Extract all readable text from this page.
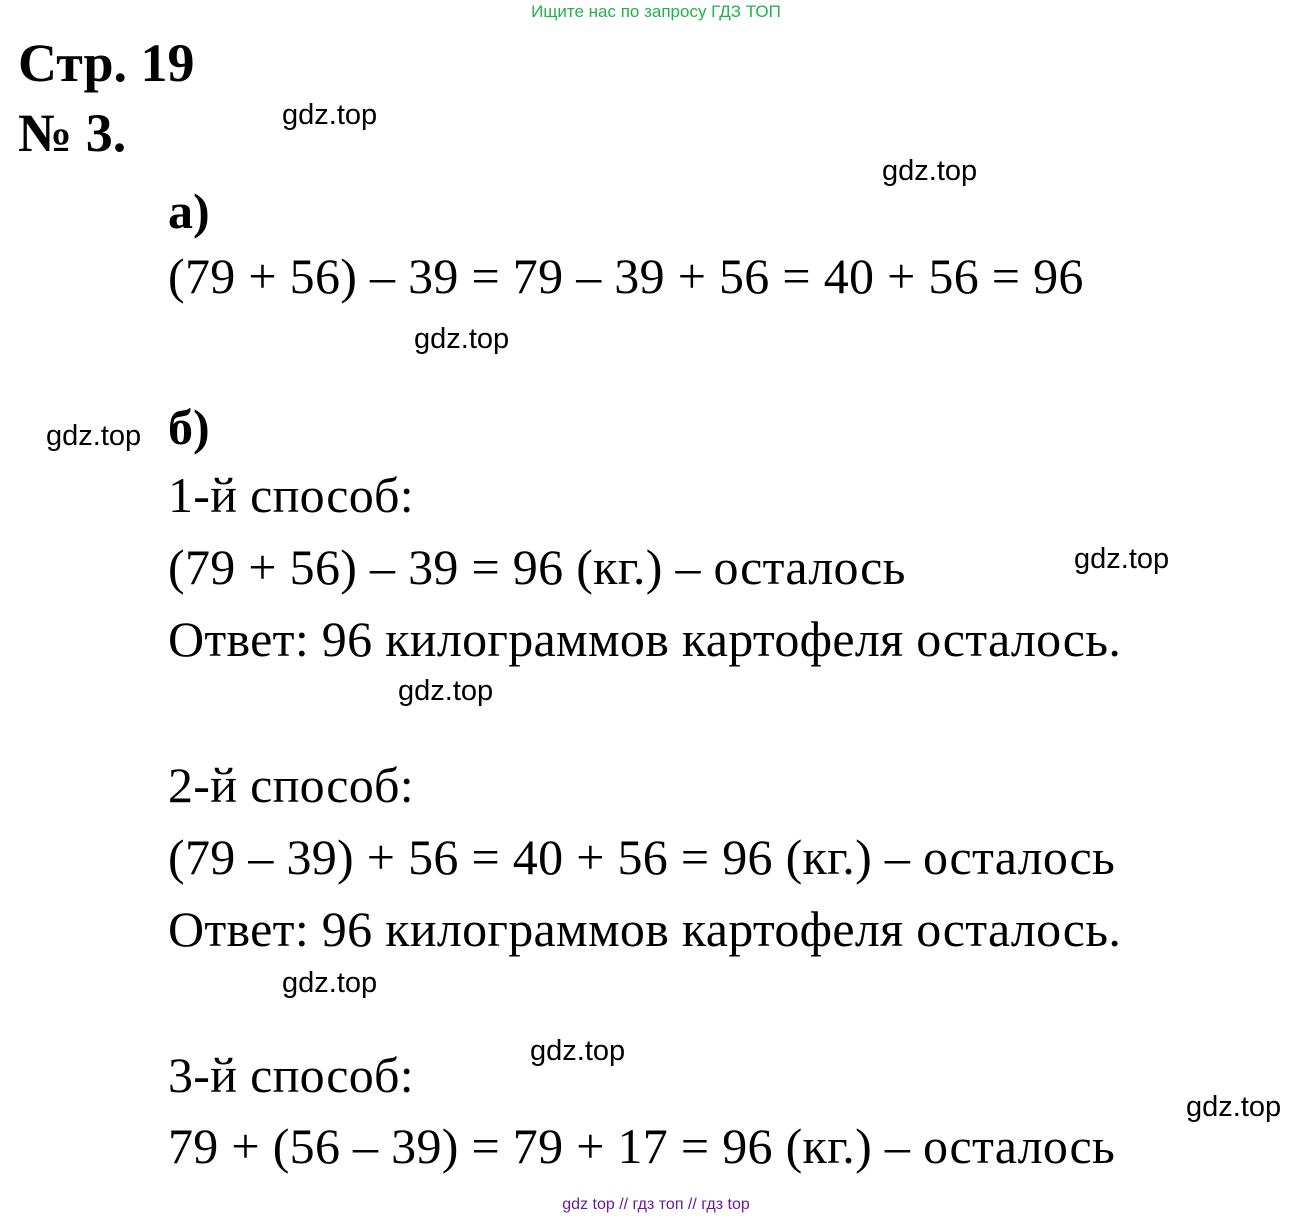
Ищите нас по запросу ГДЗ ТОП
Стр. 19
№ 3.
а)
(79 + 56) – 39 = 79 – 39 + 56 = 40 + 56 = 96
б)
1-й способ:
(79 + 56) – 39 = 96 (кг.) – осталось
Ответ: 96 килограммов картофеля осталось.
2-й способ:
(79 – 39) + 56 = 40 + 56 = 96 (кг.) – осталось
Ответ: 96 килограммов картофеля осталось.
3-й способ:
79 + (56 – 39) = 79 + 17 = 96 (кг.) – осталось
gdz.top
gdz.top
gdz.top
gdz.top
gdz.top
gdz.top
gdz.top
gdz.top
gdz.top
gdz top // гдз топ // гдз top
